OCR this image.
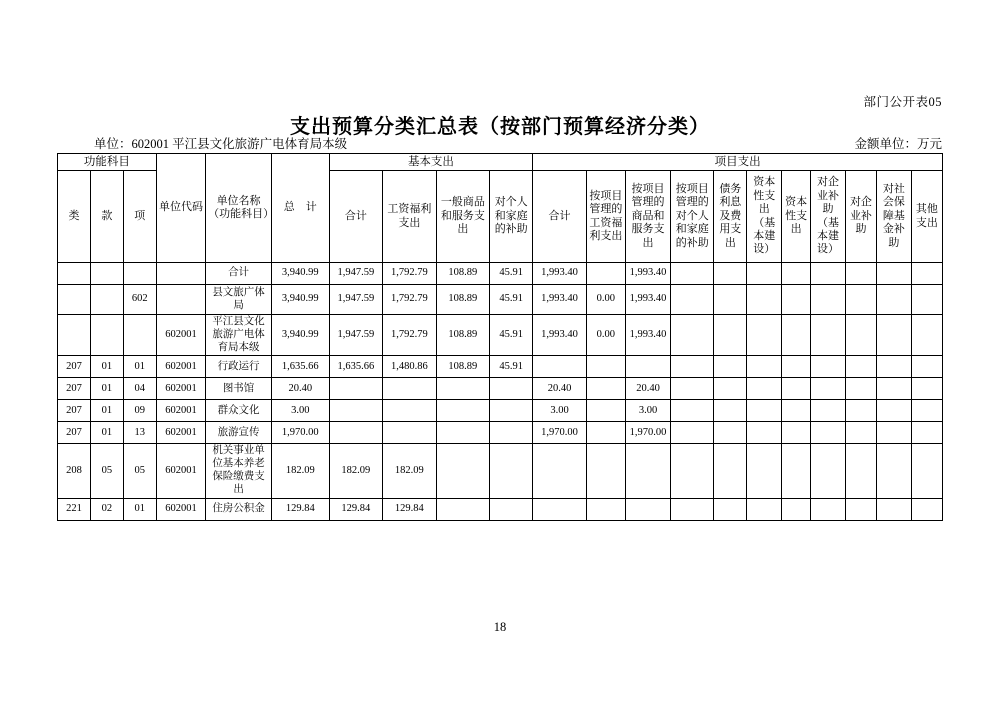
部门公开表05
支出预算分类汇总表（按部门预算经济分类）
单位：602001 平江县文化旅游广电体育局本级	金额单位：万元
功能科目			单位代码	单位名称（功能科目）	总　计	基本支出				项目支出										
类	款	项				合计	工资福利支出	一般商品和服务支出	对个人和家庭的补助	合计	按项目管理的工资福利支出	按项目管理的商品和服务支出	按项目管理的对个人和家庭的补助	债务利息及费用支出	资本性支出（基本建设）	资本性支出	对企业补助（基本建设）	对企业补助	对社会保障基金补助	其他支出
				合计	3,940.99	1,947.59	1,792.79	108.89	45.91	1,993.40		1,993.40								
		602		县文旅广体局	3,940.99	1,947.59	1,792.79	108.89	45.91	1,993.40	0.00	1,993.40								
			602001	平江县文化旅游广电体育局本级	3,940.99	1,947.59	1,792.79	108.89	45.91	1,993.40	0.00	1,993.40								
207	01	01	602001	行政运行	1,635.66	1,635.66	1,480.86	108.89	45.91											
207	01	04	602001	图书馆	20.40					20.40		20.40								
207	01	09	602001	群众文化	3.00					3.00		3.00								
207	01	13	602001	旅游宣传	1,970.00					1,970.00		1,970.00								
208	05	05	602001	机关事业单位基本养老保险缴费支出	182.09	182.09	182.09													
221	02	01	602001	住房公积金	129.84	129.84	129.84													
18
